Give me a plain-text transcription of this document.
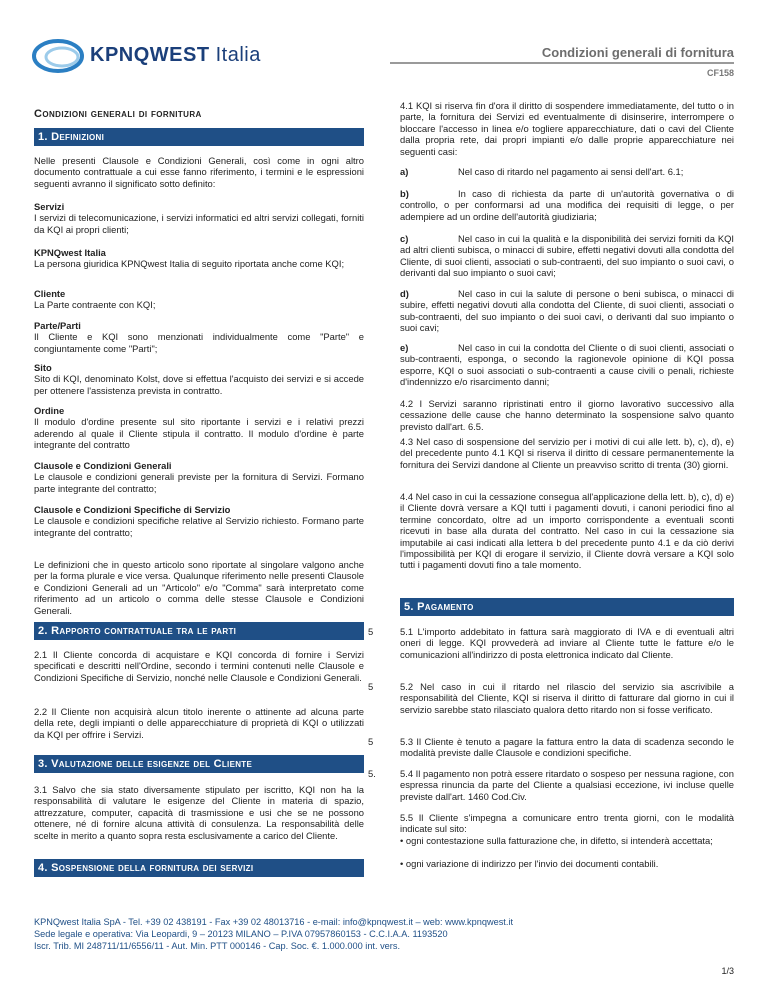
KPNQWEST Italia	Condizioni generali di fornitura
CF158
Condizioni generali di fornitura
1. Definizioni

Nelle presenti Clausole e Condizioni Generali, così come in ogni altro documento contrattuale a cui esse fanno riferimento, i termini e le espressioni seguenti avranno il significato sotto definito:

Servizi
I servizi di telecomunicazione, i servizi informatici ed altri servizi collegati, forniti da KQI ai propri clienti;
KPNQwest Italia
La persona giuridica KPNQwest Italia di seguito riportata anche come KQI;
Cliente
La Parte contraente con KQI;
Parte/Parti
Il Cliente e KQI sono menzionati individualmente come "Parte" e congiuntamente come "Parti";
Sito
Sito di KQI, denominato Kolst, dove si effettua l'acquisto dei servizi e si accede per ottenere l'assistenza prevista in contratto.
Ordine
Il modulo d'ordine presente sul sito riportante i servizi e i relativi prezzi aderendo al quale il Cliente stipula il contratto. Il modulo d'ordine è parte integrante del contratto
Clausole e Condizioni Generali
Le clausole e condizioni generali previste per la fornitura di Servizi. Formano parte integrante del contratto;
Clausole e Condizioni Specifiche di Servizio
Le clausole e condizioni specifiche relative al Servizio richiesto. Formano parte integrante del contratto;

Le definizioni che in questo articolo sono riportate al singolare valgono anche per la forma plurale e vice versa. Qualunque riferimento nelle presenti Clausole e Condizioni Generali ad un "Articolo" e/o "Comma" sarà interpretato come riferimento ad un articolo o comma delle stesse Clausole e Condizioni Generali.

2. Rapporto contrattuale tra le parti

2.1 Il Cliente concorda di acquistare e KQI concorda di fornire i Servizi specificati e descritti nell'Ordine, secondo i termini contenuti nelle Clausole e Condizioni Specifiche di Servizio, nonché nelle Clausole e Condizioni Generali.

2.2 Il Cliente non acquisirà alcun titolo inerente o attinente ad alcuna parte della rete, degli impianti o delle apparecchiature di proprietà di KQI o utilizzati da KQI per offrire i Servizi.

3. Valutazione delle esigenze del Cliente

3.1 Salvo che sia stato diversamente stipulato per iscritto, KQI non ha la responsabilità di valutare le esigenze del Cliente in materia di spazio, attrezzature, computer, capacità di trasmissione e usi che se ne possono ottenere, né di fornire alcuna attività di consulenza. La responsabilità delle scelte in merito a quanto sopra resta esclusivamente a carico del Cliente.

4. Sospensione della fornitura dei servizi

4.1 KQI si riserva fin d'ora il diritto di sospendere immediatamente, del tutto o in parte, la fornitura dei Servizi ed eventualmente di disinserire, interrompere o bloccare l'accesso in linea e/o togliere apparecchiature, dati o cavi del Cliente dalla propria rete, dai propri impianti e/o dalle proprie apparecchiature nei seguenti casi:

a)	Nel caso di ritardo nel pagamento ai sensi dell'art. 6.1;

b)	In caso di richiesta da parte di un'autorità governativa o di controllo, o per conformarsi ad una modifica dei requisiti di legge, o per adempiere ad un ordine dell'autorità giudiziaria;

c)	Nel caso in cui la qualità e la disponibilità dei servizi forniti da KQI ad altri clienti subisca, o minacci di subire, effetti negativi dovuti alla condotta del Cliente, di suoi clienti, associati o sub-contraenti, del suo impianto o suoi cavi, o derivanti dal suo impianto o suoi cavi;

d)	Nel caso in cui la salute di persone o beni subisca, o minacci di subire, effetti negativi dovuti alla condotta del Cliente, di suoi clienti, associati o sub-contraenti, del suo impianto o dei suoi cavi, o derivanti dal suo impianto o suoi cavi;

e)	Nel caso in cui la condotta del Cliente o di suoi clienti, associati o sub-contraenti, esponga, o secondo la ragionevole opinione di KQI possa esporre, KQI o suoi associati o sub-contraenti a cause civili o penali, richieste d'indennizzo e/o risarcimento danni;

4.2 I Servizi saranno ripristinati entro il giorno lavorativo successivo alla cessazione delle cause che hanno determinato la sospensione salvo quanto previsto dall'art. 6.5.

4.3 Nel caso di sospensione del servizio per i motivi di cui alle lett. b), c), d), e) del precedente punto 4.1 KQI si riserva il diritto di cessare permanentemente la fornitura dei Servizi dandone al Cliente un preavviso scritto di trenta (30) giorni.

4.4 Nel caso in cui la cessazione consegua all'applicazione della lett. b), c), d) e) il Cliente dovrà versare a KQI tutti i pagamenti dovuti, i canoni periodici fino al termine concordato, oltre ad un importo corrispondente a eventuali sconti ricevuti in base alla durata del contratto. Nel caso in cui la cessazione sia imputabile ai casi indicati alla lettera b del precedente punto 4.1 e da ciò derivi l'impossibilità per KQI di erogare il servizio, il Cliente dovrà versare a KQI solo tutti i pagamenti dovuti fino a tale momento.

5. Pagamento

5	5.1 L'importo addebitato in fattura sarà maggiorato di IVA e di eventuali altri oneri di legge. KQI provvederà ad inviare al Cliente tutte le fatture e/o le comunicazioni all'indirizzo di posta elettronica indicato dal Cliente.

5	5.2 Nel caso in cui il ritardo nel rilascio del servizio sia ascrivibile a responsabilità del Cliente, KQI si riserva il diritto di fatturare dal giorno in cui il servizio sarebbe stato rilasciato qualora detto ritardo non si fosse verificato.

5	5.3 Il Cliente è tenuto a pagare la fattura entro la data di scadenza secondo le modalità previste dalle Clausole e condizioni specifiche.

5.	5.4 Il pagamento non potrà essere ritardato o sospeso per nessuna ragione, con espressa rinuncia da parte del Cliente a qualsiasi eccezione, ivi incluse quelle previste dall'art. 1460 Cod.Civ.

5.5 Il Cliente s'impegna a comunicare entro trenta giorni, con le modalità indicate sul sito:

• ogni contestazione sulla fatturazione che, in difetto, si intenderà accettata;

• ogni variazione di indirizzo per l'invio dei documenti contabili.

KPNQwest Italia SpA - Tel. +39 02 438191 - Fax +39 02 48013716 - e-mail: info@kpnqwest.it – web: www.kpnqwest.it
Sede legale e operativa: Via Leopardi, 9 – 20123 MILANO – P.IVA 07957860153 - C.C.I.A.A. 1193520
Iscr. Trib. MI 248711/11/6556/11 - Aut. Min. PTT 000146 - Cap. Soc. €. 1.000.000 int. vers.
1/3
